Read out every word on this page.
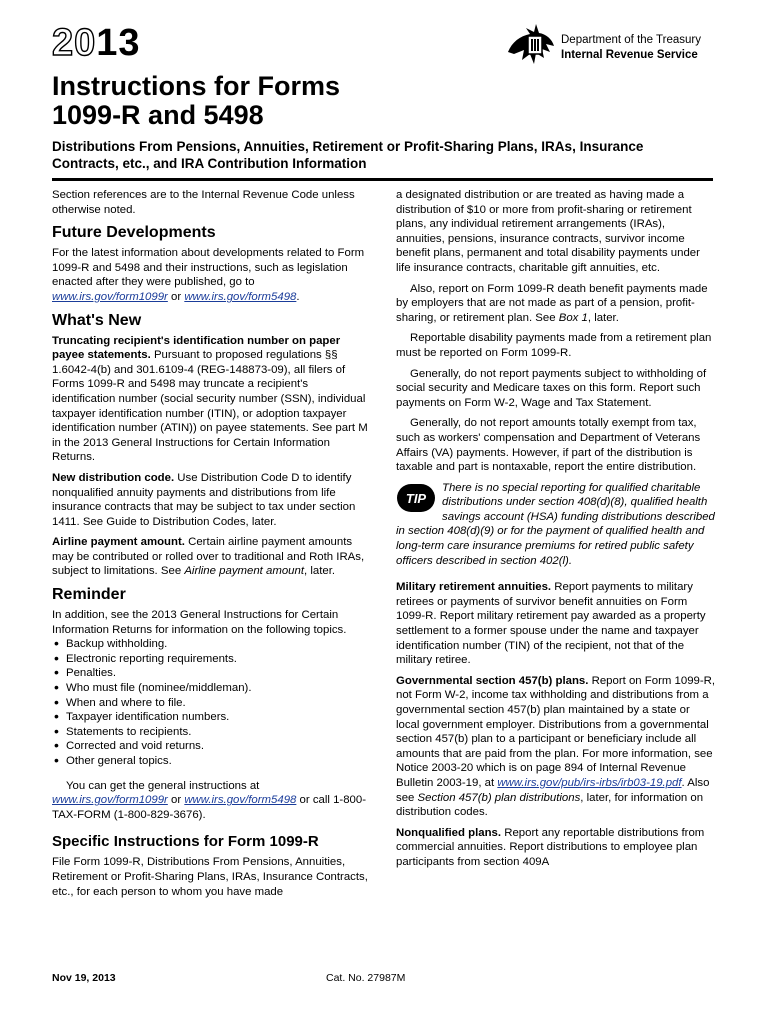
2013	Department of the Treasury
Internal Revenue Service
Instructions for Forms
1099-R and 5498

Distributions From Pensions, Annuities, Retirement or Profit-Sharing Plans, IRAs, Insurance Contracts, etc., and IRA Contribution Information

Section references are to the Internal Revenue Code unless otherwise noted.

Future Developments

For the latest information about developments related to Form 1099-R and 5498 and their instructions, such as legislation enacted after they were published, go to www.irs.gov/form1099r or www.irs.gov/form5498.

What's New

Truncating recipient's identification number on paper payee statements. Pursuant to proposed regulations §§ 1.6042-4(b) and 301.6109-4 (REG-148873-09), all filers of Forms 1099-R and 5498 may truncate a recipient's identification number (social security number (SSN), individual taxpayer identification number (ITIN), or adoption taxpayer identification number (ATIN)) on payee statements. See part M in the 2013 General Instructions for Certain Information Returns.

New distribution code. Use Distribution Code D to identify nonqualified annuity payments and distributions from life insurance contracts that may be subject to tax under section 1411. See Guide to Distribution Codes, later.

Airline payment amount. Certain airline payment amounts may be contributed or rolled over to traditional and Roth IRAs, subject to limitations. See Airline payment amount, later.

Reminder

In addition, see the 2013 General Instructions for Certain Information Returns for information on the following topics.

• Backup withholding.
• Electronic reporting requirements.
• Penalties.
• Who must file (nominee/middleman).
• When and where to file.
• Taxpayer identification numbers.
• Statements to recipients.
• Corrected and void returns.
• Other general topics.

You can get the general instructions at www.irs.gov/form1099r or www.irs.gov/form5498 or call 1-800-TAX-FORM (1-800-829-3676).

Specific Instructions for Form 1099-R

File Form 1099-R, Distributions From Pensions, Annuities, Retirement or Profit-Sharing Plans, IRAs, Insurance Contracts, etc., for each person to whom you have made

a designated distribution or are treated as having made a distribution of $10 or more from profit-sharing or retirement plans, any individual retirement arrangements (IRAs), annuities, pensions, insurance contracts, survivor income benefit plans, permanent and total disability payments under life insurance contracts, charitable gift annuities, etc.

Also, report on Form 1099-R death benefit payments made by employers that are not made as part of a pension, profit-sharing, or retirement plan. See Box 1, later.

Reportable disability payments made from a retirement plan must be reported on Form 1099-R.

Generally, do not report payments subject to withholding of social security and Medicare taxes on this form. Report such payments on Form W-2, Wage and Tax Statement.

Generally, do not report amounts totally exempt from tax, such as workers' compensation and Department of Veterans Affairs (VA) payments. However, if part of the distribution is taxable and part is nontaxable, report the entire distribution.

TIP
There is no special reporting for qualified charitable distributions under section 408(d)(8), qualified health savings account (HSA) funding distributions described in section 408(d)(9) or for the payment of qualified health and long-term care insurance premiums for retired public safety officers described in section 402(l).

Military retirement annuities. Report payments to military retirees or payments of survivor benefit annuities on Form 1099-R. Report military retirement pay awarded as a property settlement to a former spouse under the name and taxpayer identification number (TIN) of the recipient, not that of the military retiree.

Governmental section 457(b) plans. Report on Form 1099-R, not Form W-2, income tax withholding and distributions from a governmental section 457(b) plan maintained by a state or local government employer. Distributions from a governmental section 457(b) plan to a participant or beneficiary include all amounts that are paid from the plan. For more information, see Notice 2003-20 which is on page 894 of Internal Revenue Bulletin 2003-19, at www.irs.gov/pub/irs-irbs/irb03-19.pdf. Also see Section 457(b) plan distributions, later, for information on distribution codes.

Nonqualified plans. Report any reportable distributions from commercial annuities. Report distributions to employee plan participants from section 409A

Nov 19, 2013	Cat. No. 27987M
